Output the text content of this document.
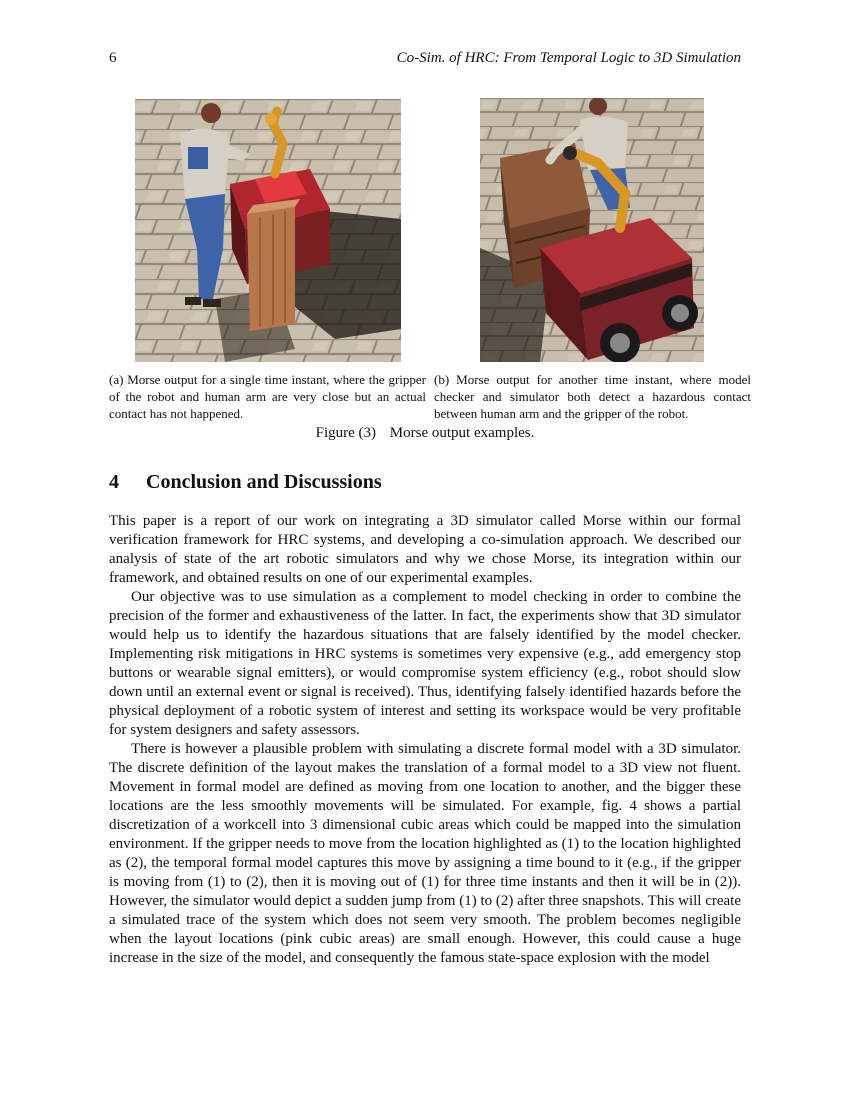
6	Co-Sim. of HRC: From Temporal Logic to 3D Simulation
(a) Morse output for a single time instant, where the gripper of the robot and human arm are very close but an actual contact has not happened.
(b) Morse output for another time instant, where model checker and simulator both detect a hazardous contact between human arm and the gripper of the robot.
Figure (3) Morse output examples.
4 Conclusion and Discussions

This paper is a report of our work on integrating a 3D simulator called Morse within our formal verification framework for HRC systems, and developing a co-simulation approach. We described our analysis of state of the art robotic simulators and why we chose Morse, its integration within our framework, and obtained results on one of our experimental examples.

Our objective was to use simulation as a complement to model checking in order to combine the precision of the former and exhaustiveness of the latter. In fact, the experiments show that 3D simulator would help us to identify the hazardous situations that are falsely identified by the model checker. Implementing risk mitigations in HRC systems is sometimes very expensive (e.g., add emergency stop buttons or wearable signal emitters), or would compromise system efficiency (e.g., robot should slow down until an external event or signal is received). Thus, identifying falsely identified hazards before the physical deployment of a robotic system of interest and setting its workspace would be very profitable for system designers and safety assessors.

There is however a plausible problem with simulating a discrete formal model with a 3D simulator. The discrete definition of the layout makes the translation of a formal model to a 3D view not fluent. Movement in formal model are defined as moving from one location to another, and the bigger these locations are the less smoothly movements will be simulated. For example, fig. 4 shows a partial discretization of a workcell into 3 dimensional cubic areas which could be mapped into the simulation environment. If the gripper needs to move from the location highlighted as (1) to the location highlighted as (2), the temporal formal model captures this move by assigning a time bound to it (e.g., if the gripper is moving from (1) to (2), then it is moving out of (1) for three time instants and then it will be in (2)). However, the simulator would depict a sudden jump from (1) to (2) after three snapshots. This will create a simulated trace of the system which does not seem very smooth. The problem becomes negligible when the layout locations (pink cubic areas) are small enough. However, this could cause a huge increase in the size of the model, and consequently the famous state-space explosion with the model
